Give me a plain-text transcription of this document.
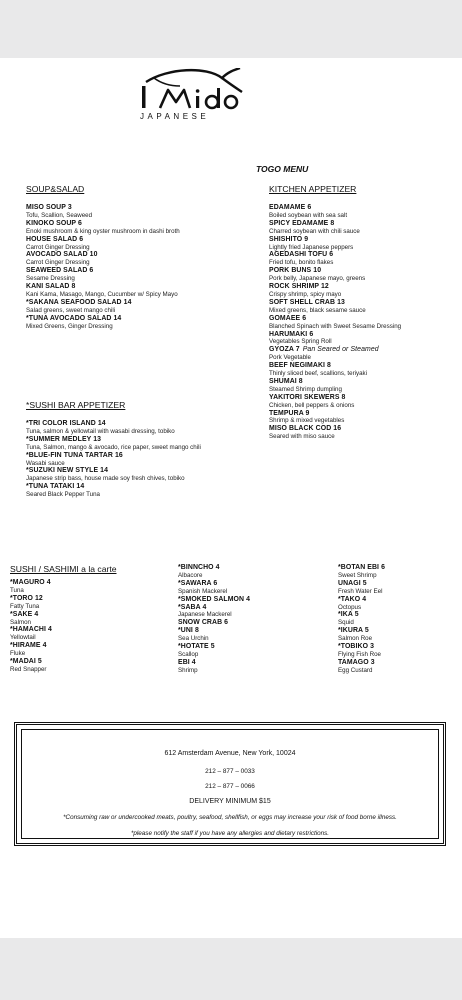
JAPANESE
TOGO MENU
SOUP&SALAD
MISO SOUP 3
Tofu, Scallion, Seaweed
KINOKO SOUP 6
Enoki mushroom & king oyster mushroom in dashi broth
HOUSE SALAD 6
Carrot Ginger Dressing
AVOCADO SALAD 10
Carrot Ginger Dressing
SEAWEED SALAD 6
Sesame Dressing
KANI SALAD 8
Kani Kama, Masago, Mango, Cucumber w/ Spicy Mayo
*SAKANA SEAFOOD SALAD 14
Salad greens, sweet mango chili
*TUNA AVOCADO SALAD 14
Mixed Greens, Ginger Dressing
*SUSHI BAR APPETIZER
*TRI COLOR ISLAND 14
Tuna, salmon & yellowtail with wasabi dressing, tobiko
*SUMMER MEDLEY 13
Tuna, Salmon, mango & avocado, rice paper, sweet mango chili
*BLUE-FIN TUNA TARTAR 16
Wasabi sauce
*SUZUKI NEW STYLE 14
Japanese strip bass, house made soy fresh chives, tobiko
*TUNA TATAKI 14
Seared Black Pepper Tuna
KITCHEN APPETIZER
EDAMAME 6
Boiled soybean with sea salt
SPICY EDAMAME 8
Charred soybean with chili sauce
SHISHITO 9
Lightly fried Japanese peppers
AGEDASHI TOFU 6
Fried tofu, bonito flakes
PORK BUNS 10
Pork belly, Japanese mayo, greens
ROCK SHRIMP 12
Crispy shrimp, spicy mayo
SOFT SHELL CRAB 13
Mixed greens, black sesame sauce
GOMAEE 6
Blanched Spinach with Sweet Sesame Dressing
HARUMAKI 6
Vegetables Spring Roll
GYOZA 7 Pan Seared or Steamed
Pork Vegetable
BEEF NEGIMAKI 8
Thinly sliced beef, scallions, teriyaki
SHUMAI 8
Steamed Shrimp dumpling
YAKITORI SKEWERS 8
Chicken, bell peppers & onions
TEMPURA 9
Shrimp & mixed vegetables
MISO BLACK COD 16
Seared with miso sauce
SUSHI / SASHIMI a la carte
*MAGURO 4
Tuna
*TORO 12
Fatty Tuna
*SAKE 4
Salmon
*HAMACHI 4
Yellowtail
*HIRAME 4
Fluke
*MADAI 5
Red Snapper
*BINNCHO 4
Albacore
*SAWARA 6
Spanish Mackerel
*SMOKED SALMON 4
*SABA 4
Japanese Mackerel
SNOW CRAB 6
*UNI 8
Sea Urchin
*HOTATE 5
Scallop
EBI 4
Shrimp
*BOTAN EBI 6
Sweet Shrimp
UNAGI 5
Fresh Water Eel
*TAKO 4
Octopus
*IKA 5
Squid
*IKURA 5
Salmon Roe
*TOBIKO 3
Flying Fish Roe
TAMAGO 3
Egg Custard
612 Amsterdam Avenue, New York, 10024
212 – 877 – 0033
212 – 877 – 0066
DELIVERY MINIMUM $15
*Consuming raw or undercooked meats, poultry, seafood, shellfish, or eggs may increase your risk of food borne illness.
*please notify the staff if you have any allergies and dietary restrictions.
